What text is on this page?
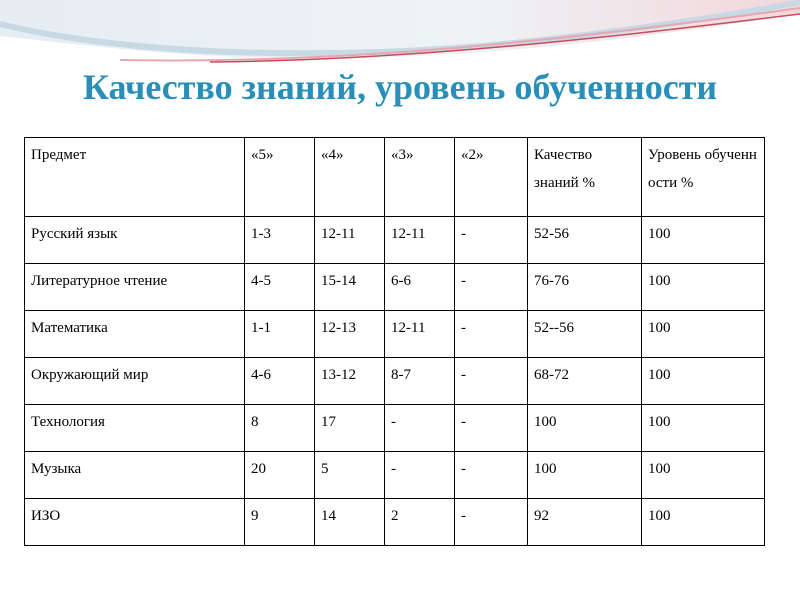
Качество знаний, уровень обученности
Предмет	«5»	«4»	«3»	«2»	Качество знаний %	Уровень обученности %
Русский язык	1-3	12-11	12-11	-	52-56	100
Литературное чтение	4-5	15-14	6-6	-	76-76	100
Математика	1-1	12-13	12-11	-	52--56	100
Окружающий мир	4-6	13-12	8-7	-	68-72	100
Технология	8	17	-	-	100	100
Музыка	20	5	-	-	100	100
ИЗО	9	14	2	-	92	100
